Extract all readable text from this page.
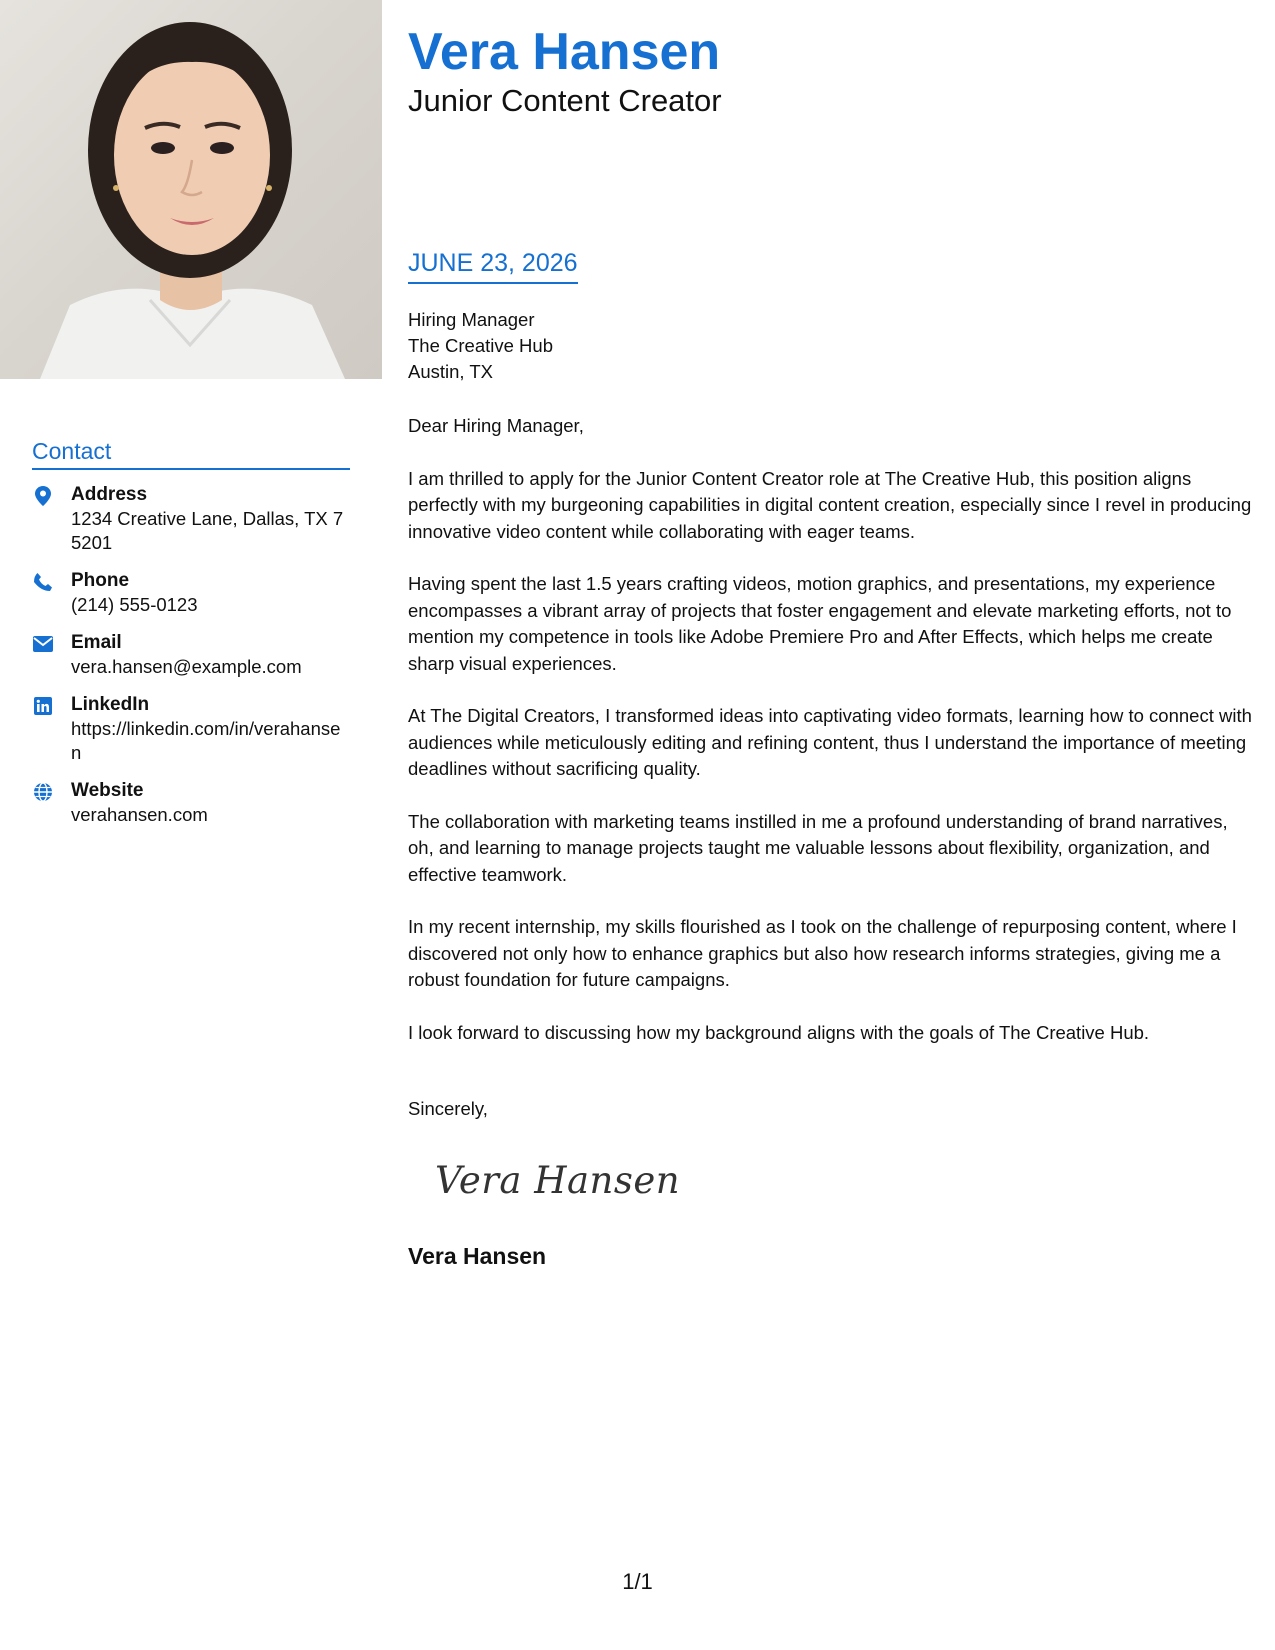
Contact
Address
1234 Creative Lane, Dallas, TX 75201
Phone
(214) 555-0123
Email
vera.hansen@example.com
LinkedIn
https://linkedin.com/in/verahansen
Website
verahansen.com
Vera Hansen
Junior Content Creator
JUNE 23, 2026
Hiring Manager
The Creative Hub
Austin, TX

Dear Hiring Manager,

I am thrilled to apply for the Junior Content Creator role at The Creative Hub, this position aligns perfectly with my burgeoning capabilities in digital content creation, especially since I revel in producing innovative video content while collaborating with eager teams.

Having spent the last 1.5 years crafting videos, motion graphics, and presentations, my experience encompasses a vibrant array of projects that foster engagement and elevate marketing efforts, not to mention my competence in tools like Adobe Premiere Pro and After Effects, which helps me create sharp visual experiences.

At The Digital Creators, I transformed ideas into captivating video formats, learning how to connect with audiences while meticulously editing and refining content, thus I understand the importance of meeting deadlines without sacrificing quality.

The collaboration with marketing teams instilled in me a profound understanding of brand narratives, oh, and learning to manage projects taught me valuable lessons about flexibility, organization, and effective teamwork.

In my recent internship, my skills flourished as I took on the challenge of repurposing content, where I discovered not only how to enhance graphics but also how research informs strategies, giving me a robust foundation for future campaigns.

I look forward to discussing how my background aligns with the goals of The Creative Hub.

Sincerely,
Vera Hansen
Vera Hansen
1/1
